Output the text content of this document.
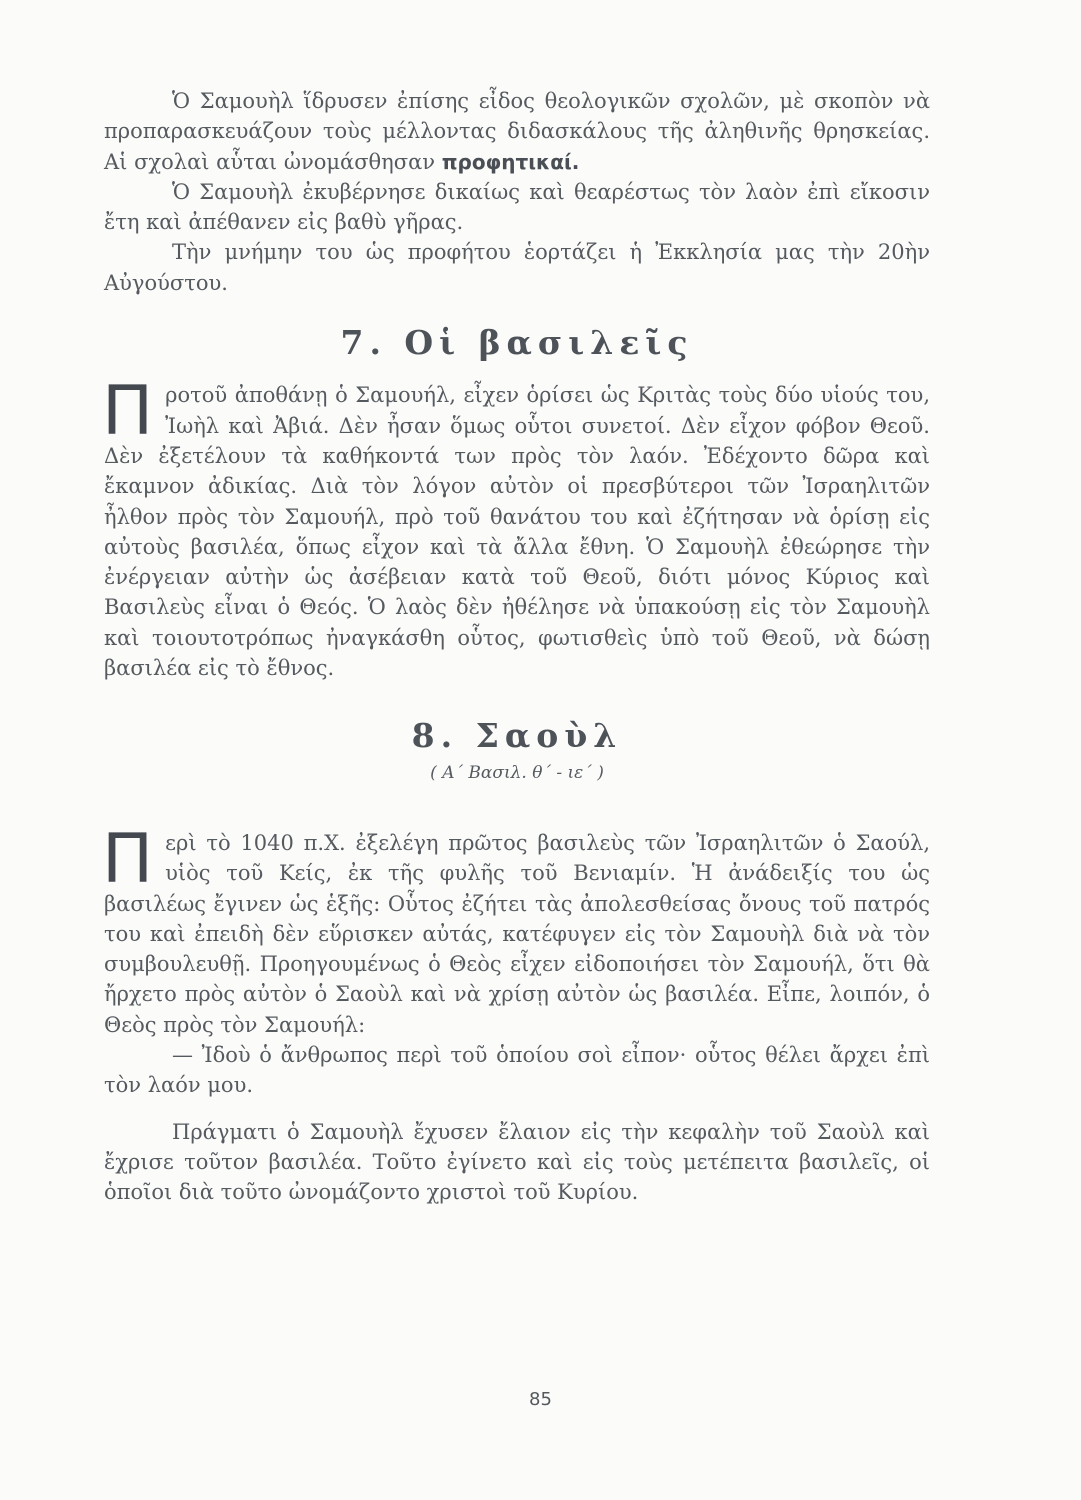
Ὁ Σαμουὴλ ἵδρυσεν ἐπίσης εἶδος θεολογικῶν σχολῶν, μὲ σκοπὸν νὰ προπαρασκευάζουν τοὺς μέλλοντας διδασκάλους τῆς ἀληθινῆς θρησκείας. Αἱ σχολαὶ αὗται ὠνομάσθησαν προφητικαί.

Ὁ Σαμουὴλ ἐκυβέρνησε δικαίως καὶ θεαρέστως τὸν λαὸν ἐπὶ εἴκοσιν ἔτη καὶ ἀπέθανεν εἰς βαθὺ γῆρας.

Τὴν μνήμην του ὡς προφήτου ἑορτάζει ἡ Ἐκκλησία μας τὴν 20ὴν Αὐγούστου.

7. Οἱ βασιλεῖς

Προτοῦ ἀποθάνῃ ὁ Σαμουήλ, εἶχεν ὁρίσει ὡς Κριτὰς τοὺς δύο υἱούς του, Ἰωὴλ καὶ Ἀβιά. Δὲν ἦσαν ὅμως οὗτοι συνετοί. Δὲν εἶχον φόβον Θεοῦ. Δὲν ἐξετέλουν τὰ καθήκοντά των πρὸς τὸν λαόν. Ἐδέχοντο δῶρα καὶ ἔκαμνον ἀδικίας. Διὰ τὸν λόγον αὐτὸν οἱ πρεσβύτεροι τῶν Ἰσραηλιτῶν ἦλθον πρὸς τὸν Σαμουήλ, πρὸ τοῦ θανάτου του καὶ ἐζήτησαν νὰ ὁρίσῃ εἰς αὐτοὺς βασιλέα, ὅπως εἶχον καὶ τὰ ἄλλα ἔθνη. Ὁ Σαμουὴλ ἐθεώρησε τὴν ἐνέργειαν αὐτὴν ὡς ἀσέβειαν κατὰ τοῦ Θεοῦ, διότι μόνος Κύριος καὶ Βασιλεὺς εἶναι ὁ Θεός. Ὁ λαὸς δὲν ἠθέλησε νὰ ὑπακούσῃ εἰς τὸν Σαμουὴλ καὶ τοιουτοτρόπως ἠναγκάσθη οὗτος, φωτισθεὶς ὑπὸ τοῦ Θεοῦ, νὰ δώσῃ βασιλέα εἰς τὸ ἔθνος.

8. Σαοὺλ
( Α΄ Βασιλ. θ΄ - ιε΄ )

Περὶ τὸ 1040 π.Χ. ἐξελέγη πρῶτος βασιλεὺς τῶν Ἰσραηλιτῶν ὁ Σαούλ, υἱὸς τοῦ Κείς, ἐκ τῆς φυλῆς τοῦ Βενιαμίν. Ἡ ἀνάδειξίς του ὡς βασιλέως ἔγινεν ὡς ἑξῆς: Οὗτος ἐζήτει τὰς ἀπολεσθείσας ὄνους τοῦ πατρός του καὶ ἐπειδὴ δὲν εὕρισκεν αὐτάς, κατέφυγεν εἰς τὸν Σαμουὴλ διὰ νὰ τὸν συμβουλευθῇ. Προηγουμένως ὁ Θεὸς εἶχεν εἰδοποιήσει τὸν Σαμουήλ, ὅτι θὰ ἤρχετο πρὸς αὐτὸν ὁ Σαοὺλ καὶ νὰ χρίσῃ αὐτὸν ὡς βασιλέα. Εἶπε, λοιπόν, ὁ Θεὸς πρὸς τὸν Σαμουήλ:

— Ἰδοὺ ὁ ἄνθρωπος περὶ τοῦ ὁποίου σοὶ εἶπον· οὗτος θέλει ἄρχει ἐπὶ τὸν λαόν μου.

Πράγματι ὁ Σαμουὴλ ἔχυσεν ἔλαιον εἰς τὴν κεφαλὴν τοῦ Σαοὺλ καὶ ἔχρισε τοῦτον βασιλέα. Τοῦτο ἐγίνετο καὶ εἰς τοὺς μετέπειτα βασιλεῖς, οἱ ὁποῖοι διὰ τοῦτο ὠνομάζοντο χριστοὶ τοῦ Κυρίου.

85
